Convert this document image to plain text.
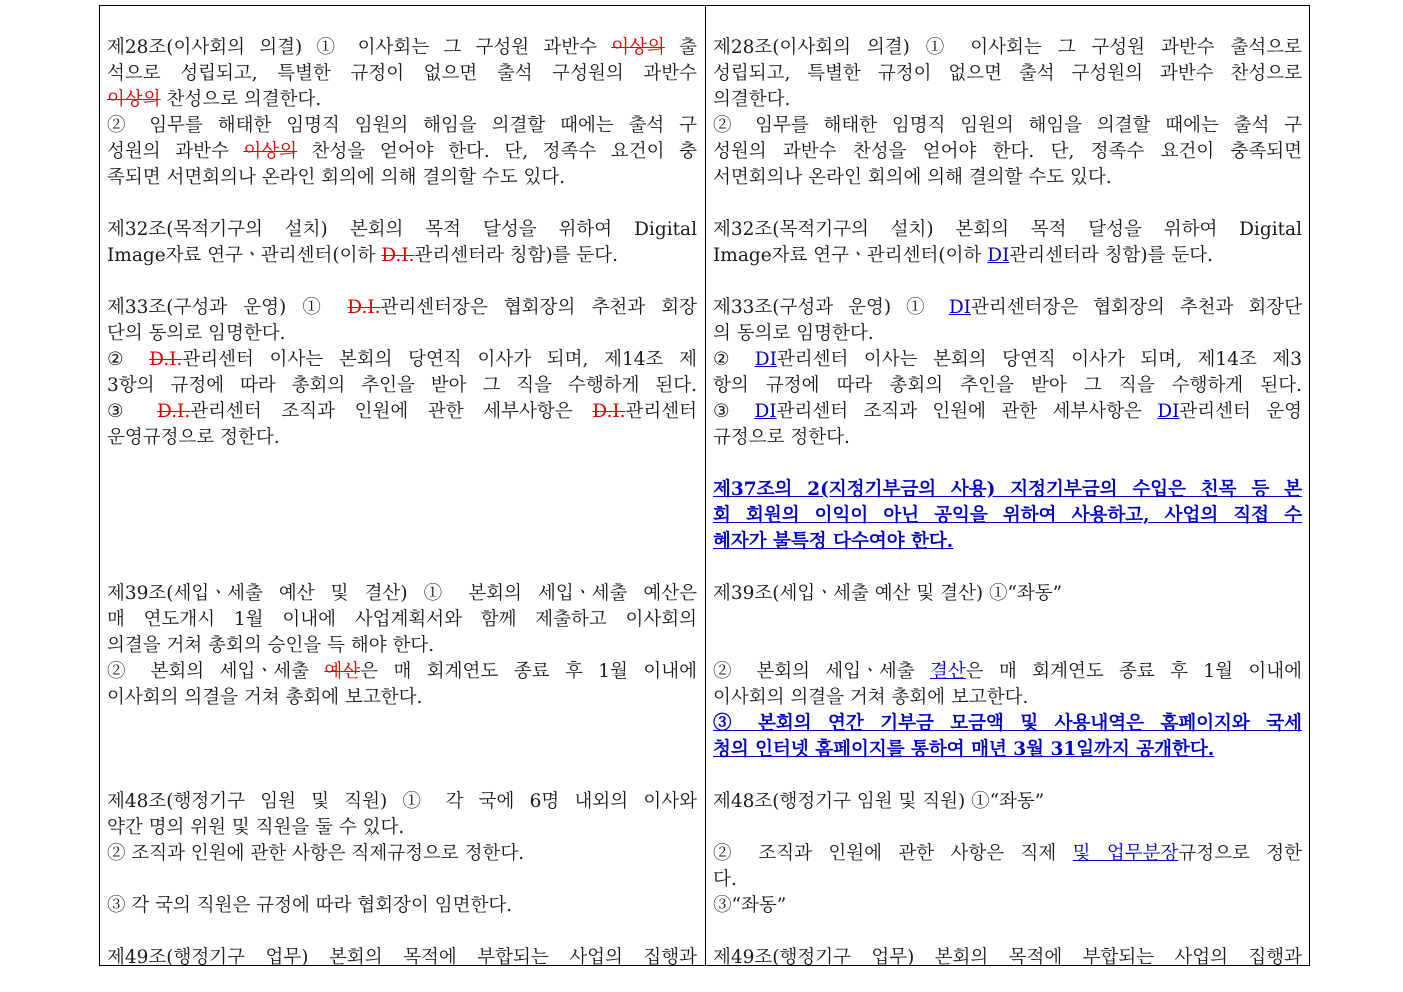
제28조(이사회의 의결) ① 이사회는 그 구성원 과반수 이상의 출
석으로 성립되고, 특별한 규정이 없으면 출석 구성원의 과반수
이상의 찬성으로 의결한다.
② 임무를 해태한 임명직 임원의 해임을 의결할 때에는 출석 구
성원의 과반수 이상의 찬성을 얻어야 한다. 단, 정족수 요건이 충
족되면 서면회의나 온라인 회의에 의해 결의할 수도 있다.
제32조(목적기구의 설치) 본회의 목적 달성을 위하여 Digital
Image자료 연구ㆍ관리센터(이하 D.I.관리센터라 칭함)를 둔다.
제33조(구성과 운영) ① D.I.관리센터장은 협회장의 추천과 회장
단의 동의로 임명한다.
② D.I.관리센터 이사는 본회의 당연직 이사가 되며, 제14조 제
3항의 규정에 따라 총회의 추인을 받아 그 직을 수행하게 된다.
③ D.I.관리센터 조직과 인원에 관한 세부사항은 D.I.관리센터
운영규정으로 정한다.
제39조(세입ㆍ세출 예산 및 결산) ① 본회의 세입ㆍ세출 예산은
매 연도개시 1월 이내에 사업계획서와 함께 제출하고 이사회의
의결을 거쳐 총회의 승인을 득 해야 한다.
② 본회의 세입ㆍ세출 예산은 매 회계연도 종료 후 1월 이내에
이사회의 의결을 거쳐 총회에 보고한다.
제48조(행정기구 임원 및 직원) ① 각 국에 6명 내외의 이사와
약간 명의 위원 및 직원을 둘 수 있다.
② 조직과 인원에 관한 사항은 직제규정으로 정한다.
③ 각 국의 직원은 규정에 따라 협회장이 임면한다.
제49조(행정기구 업무) 본회의 목적에 부합되는 사업의 집행과
제28조(이사회의 의결) ① 이사회는 그 구성원 과반수 출석으로
성립되고, 특별한 규정이 없으면 출석 구성원의 과반수 찬성으로
의결한다.
② 임무를 해태한 임명직 임원의 해임을 의결할 때에는 출석 구
성원의 과반수 찬성을 얻어야 한다. 단, 정족수 요건이 충족되면
서면회의나 온라인 회의에 의해 결의할 수도 있다.
제32조(목적기구의 설치) 본회의 목적 달성을 위하여 Digital
Image자료 연구ㆍ관리센터(이하 DI관리센터라 칭함)를 둔다.
제33조(구성과 운영) ① DI관리센터장은 협회장의 추천과 회장단
의 동의로 임명한다.
② DI관리센터 이사는 본회의 당연직 이사가 되며, 제14조 제3
항의 규정에 따라 총회의 추인을 받아 그 직을 수행하게 된다.
③ DI관리센터 조직과 인원에 관한 세부사항은 DI관리센터 운영
규정으로 정한다.
제37조의 2(지정기부금의 사용) 지정기부금의 수입은 친목 등 본
회 회원의 이익이 아닌 공익을 위하여 사용하고, 사업의 직접 수
혜자가 불특정 다수여야 한다.
제39조(세입ㆍ세출 예산 및 결산) ①“좌동”
② 본회의 세입ㆍ세출 결산은 매 회계연도 종료 후 1월 이내에
이사회의 의결을 거쳐 총회에 보고한다.
③ 본회의 연간 기부금 모금액 및 사용내역은 홈페이지와 국세
청의 인터넷 홈페이지를 통하여 매년 3월 31일까지 공개한다.
제48조(행정기구 임원 및 직원) ①“좌동”
② 조직과 인원에 관한 사항은 직제 및 업무분장규정으로 정한
다.
③“좌동”
제49조(행정기구 업무) 본회의 목적에 부합되는 사업의 집행과
